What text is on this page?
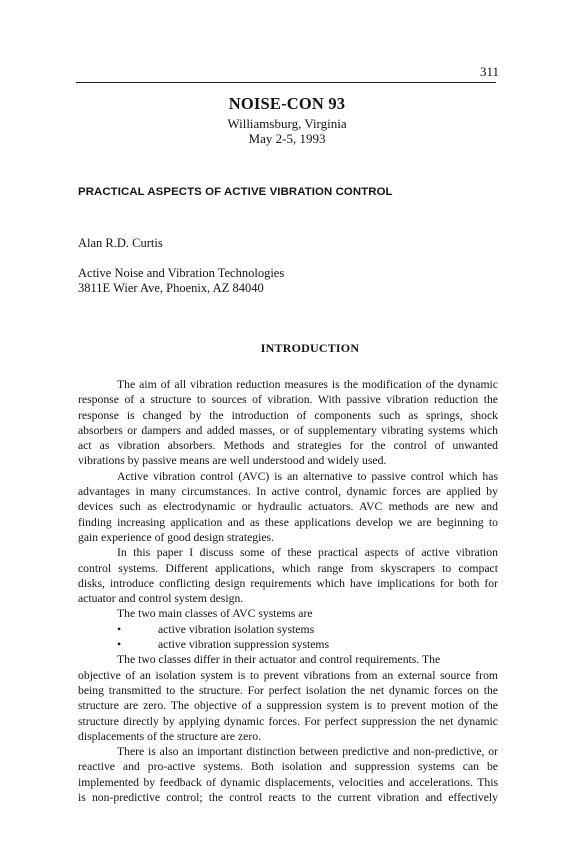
311
NOISE-CON 93
Williamsburg, Virginia
May 2-5, 1993
PRACTICAL ASPECTS OF ACTIVE VIBRATION CONTROL
Alan R.D. Curtis
Active Noise and Vibration Technologies
3811E Wier Ave, Phoenix, AZ 84040
INTRODUCTION
The aim of all vibration reduction measures is the modification of the dynamic
response of a structure to sources of vibration. With passive vibration reduction the
response is changed by the introduction of components such as springs, shock
absorbers or dampers and added masses, or of supplementary vibrating systems which
act as vibration absorbers. Methods and strategies for the control of unwanted
vibrations by passive means are well understood and widely used.
Active vibration control (AVC) is an alternative to passive control which has
advantages in many circumstances. In active control, dynamic forces are applied by
devices such as electrodynamic or hydraulic actuators. AVC methods are new and
finding increasing application and as these applications develop we are beginning to
gain experience of good design strategies.
In this paper I discuss some of these practical aspects of active vibration
control systems. Different applications, which range from skyscrapers to compact
disks, introduce conflicting design requirements which have implications for both for
actuator and control system design.
The two main classes of AVC systems are
•	active vibration isolation systems
•	active vibration suppression systems
The two classes differ in their actuator and control requirements. The
objective of an isolation system is to prevent vibrations from an external source from
being transmitted to the structure. For perfect isolation the net dynamic forces on the
structure are zero. The objective of a suppression system is to prevent motion of the
structure directly by applying dynamic forces. For perfect suppression the net dynamic
displacements of the structure are zero.
There is also an important distinction between predictive and non-predictive, or
reactive and pro-active systems. Both isolation and suppression systems can be
implemented by feedback of dynamic displacements, velocities and accelerations. This
is non-predictive control; the control reacts to the current vibration and effectively
